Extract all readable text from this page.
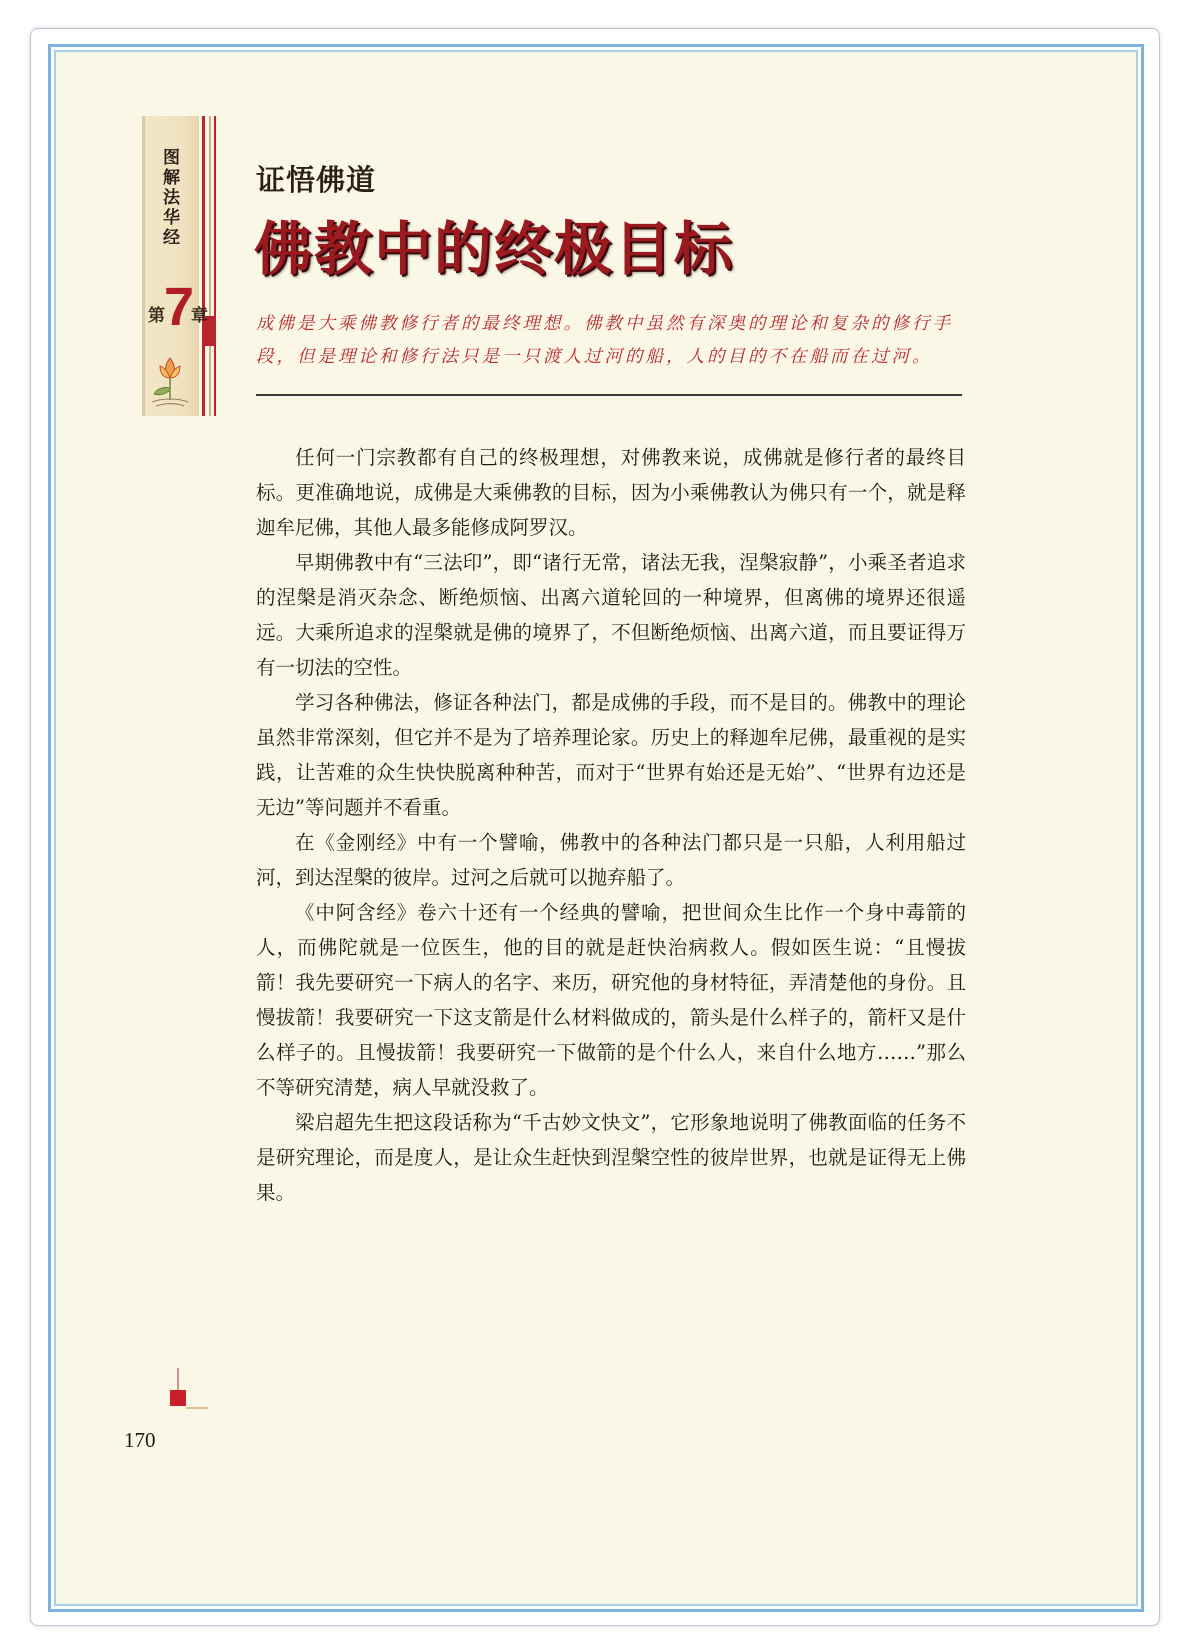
图解法华经
第 7
章
证悟佛道
佛教中的终极目标
成佛是大乘佛教修行者的最终理想。佛教中虽然有深奥的理论和复杂的修行手段，但是理论和修行法只是一只渡人过河的船，人的目的不在船而在过河。

任何一门宗教都有自己的终极理想，对佛教来说，成佛就是修行者的最终目标。更准确地说，成佛是大乘佛教的目标，因为小乘佛教认为佛只有一个，就是释迦牟尼佛，其他人最多能修成阿罗汉。

早期佛教中有“三法印”，即“诸行无常，诸法无我，涅槃寂静”，小乘圣者追求的涅槃是消灭杂念、断绝烦恼、出离六道轮回的一种境界，但离佛的境界还很遥远。大乘所追求的涅槃就是佛的境界了，不但断绝烦恼、出离六道，而且要证得万有一切法的空性。

学习各种佛法，修证各种法门，都是成佛的手段，而不是目的。佛教中的理论虽然非常深刻，但它并不是为了培养理论家。历史上的释迦牟尼佛，最重视的是实践，让苦难的众生快快脱离种种苦，而对于“世界有始还是无始”、“世界有边还是无边”等问题并不看重。

在《金刚经》中有一个譬喻，佛教中的各种法门都只是一只船，人利用船过河，到达涅槃的彼岸。过河之后就可以抛弃船了。

《中阿含经》卷六十还有一个经典的譬喻，把世间众生比作一个身中毒箭的人，而佛陀就是一位医生，他的目的就是赶快治病救人。假如医生说：“且慢拔箭！我先要研究一下病人的名字、来历，研究他的身材特征，弄清楚他的身份。且慢拔箭！我要研究一下这支箭是什么材料做成的，箭头是什么样子的，箭杆又是什么样子的。且慢拔箭！我要研究一下做箭的是个什么人，来自什么地方……”那么不等研究清楚，病人早就没救了。

梁启超先生把这段话称为“千古妙文快文”，它形象地说明了佛教面临的任务不是研究理论，而是度人，是让众生赶快到涅槃空性的彼岸世界，也就是证得无上佛果。

170
